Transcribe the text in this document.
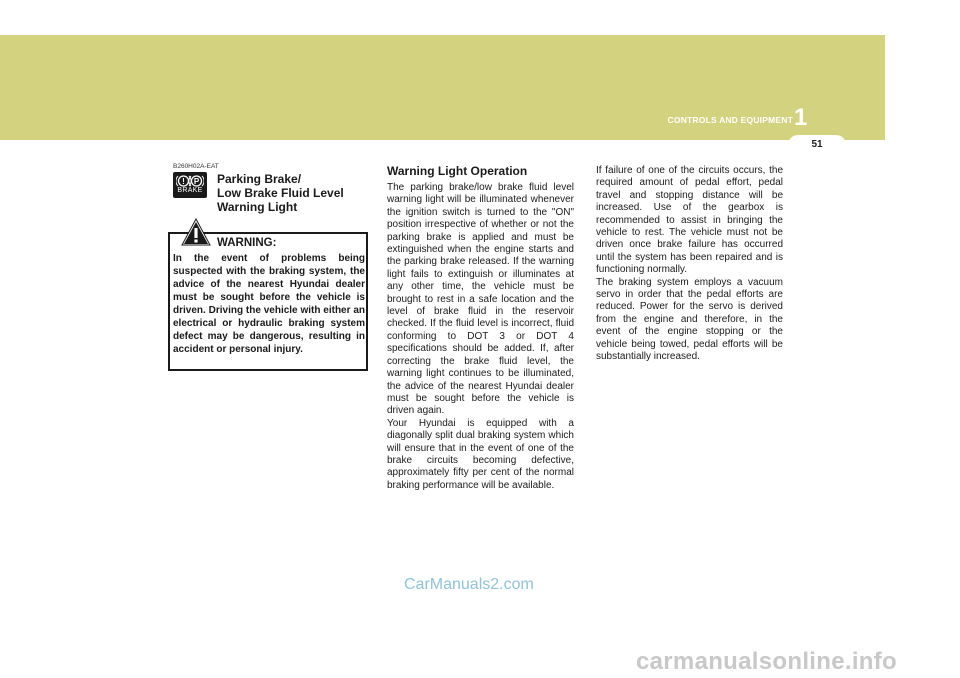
1
CONTROLS AND EQUIPMENT
51
B260H02A-EAT
! P
BRAKE
Parking Brake/
Low Brake Fluid Level
Warning Light
WARNING:
In the event of problems being suspected with the braking system, the advice of the nearest Hyundai dealer must be sought before the vehicle is driven. Driving the vehicle with either an electrical or hydraulic braking system defect may be dangerous, resulting in accident or personal injury.
Warning Light Operation

The parking brake/low brake fluid level warning light will be illuminated whenever the ignition switch is turned to the "ON" position irrespective of whether or not the parking brake is applied and must be extinguished when the engine starts and the parking brake released. If the warning light fails to extinguish or illuminates at any other time, the vehicle must be brought to rest in a safe location and the level of brake fluid in the reservoir checked. If the fluid level is incorrect, fluid conforming to DOT 3 or DOT 4 specifications should be added. If, after correcting the brake fluid level, the warning light continues to be illuminated, the advice of the nearest Hyundai dealer must be sought before the vehicle is driven again.

Your Hyundai is equipped with a diagonally split dual braking system which will ensure that in the event of one of the brake circuits becoming defective, approximately fifty per cent of the normal braking performance will be available.

If failure of one of the circuits occurs, the required amount of pedal effort, pedal travel and stopping distance will be increased. Use of the gearbox is recommended to assist in bringing the vehicle to rest. The vehicle must not be driven once brake failure has occurred until the system has been repaired and is functioning normally.

The braking system employs a vacuum servo in order that the pedal efforts are reduced. Power for the servo is derived from the engine and therefore, in the event of the engine stopping or the vehicle being towed, pedal efforts will be substantially increased.

CarManuals2.com
carmanualsonline.info
